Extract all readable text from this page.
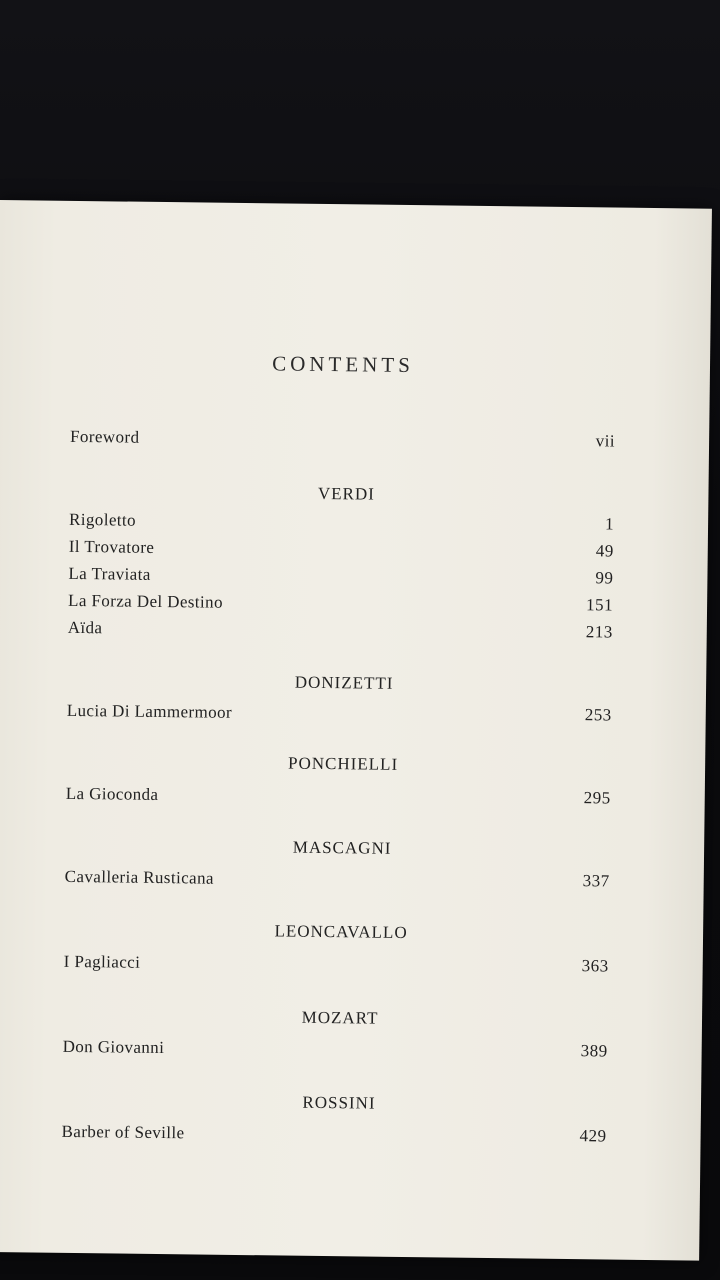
CONTENTS
Foreword	vii
VERDI
Rigoletto	1
Il Trovatore	49
La Traviata	99
La Forza Del Destino	151
Aïda	213
DONIZETTI
Lucia Di Lammermoor	253
PONCHIELLI
La Gioconda	295
MASCAGNI
Cavalleria Rusticana	337
LEONCAVALLO
I Pagliacci	363
MOZART
Don Giovanni	389
ROSSINI
Barber of Seville	429
